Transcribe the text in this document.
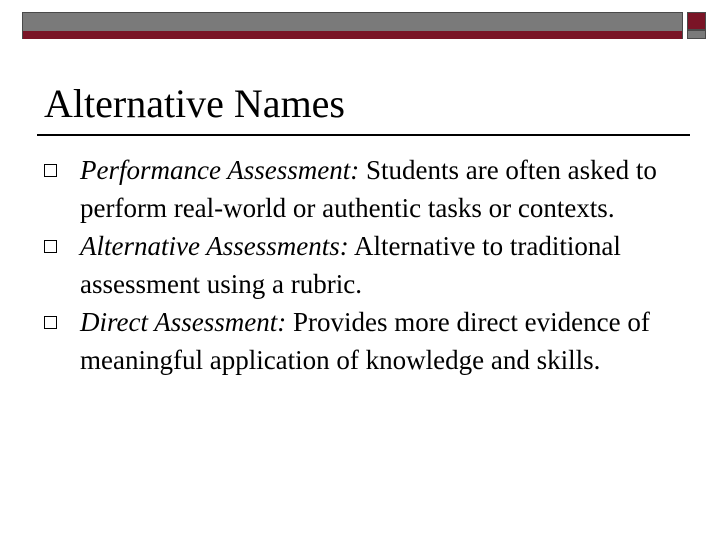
Alternative Names
Performance Assessment: Students are often asked to perform real-world or authentic tasks or contexts.
Alternative Assessments: Alternative to traditional assessment using a rubric.
Direct Assessment: Provides more direct evidence of meaningful application of knowledge and skills.
